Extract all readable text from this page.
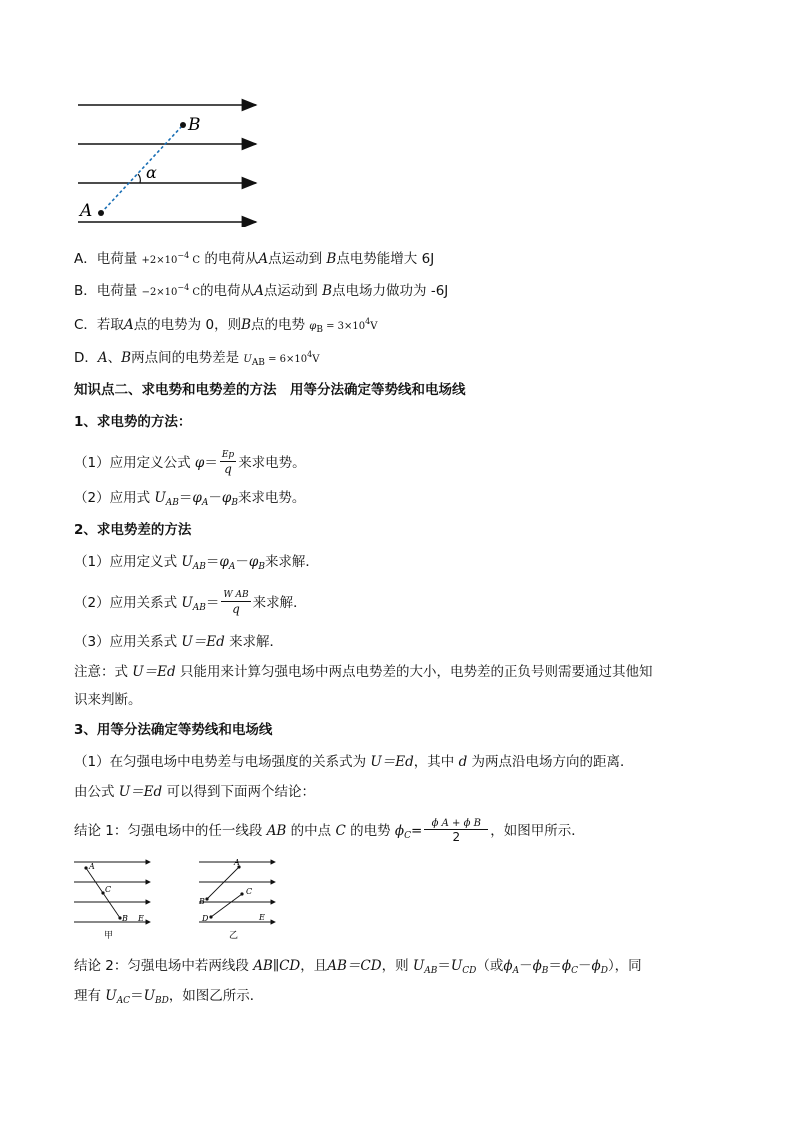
A
B
α
A．电荷量 $+2\times 10^{-4}$ C 的电荷从A点运动到 B点电势能增大 6J
B．电荷量 $-2\times 10^{-4}$ C的电荷从A点运动到 B点电场力做功为 -6J
C．若取A点的电势为 0，则B点的电势 $\varphi_B = 3\times 10^4V$
D．A、B两点间的电势差是 $U_{AB} = 6\times 10^4V$
知识点二、求电势和电势差的方法　用等分法确定等势线和电场线
1、求电势的方法：
（1）应用定义公式 $\varphi= \frac{Ep}{q}$ 来求电势。
（2）应用式 $U_{AB}=\varphi_A-\varphi_B$来求电势。
2、求电势差的方法
（1）应用定义式 $U_{AB}=\varphi_A-\varphi_B$来求解．
（2）应用关系式 $U_{AB}= \frac{\text{W AB}}{q}$ 来求解．
（3）应用关系式 U＝Ed 来求解．
注意：式 U＝Ed 只能用来计算匀强电场中两点电势差的大小，电势差的正负号则需要通过其他知
识来判断。
3、用等分法确定等势线和电场线
（1）在匀强电场中电势差与电场强度的关系式为 U＝Ed，其中 d 为两点沿电场方向的距离．
由公式 U＝Ed 可以得到下面两个结论：
结论 1：匀强电场中的任一线段 AB 的中点 C 的电势 $\phi_C= \frac{\text{ϕ A + ϕ B}}{2}$ ，如图甲所示．
A
C
B E
甲
A
B
C
D	E
乙
结论 2：匀强电场中若两线段 AB∥CD，且AB＝CD，则 $U_{AB}=U_{CD}$（或$\phi_A-\phi_B=\phi_C-\phi_D$），同
理有 $U_{AC}=U_{BD}$，如图乙所示．
